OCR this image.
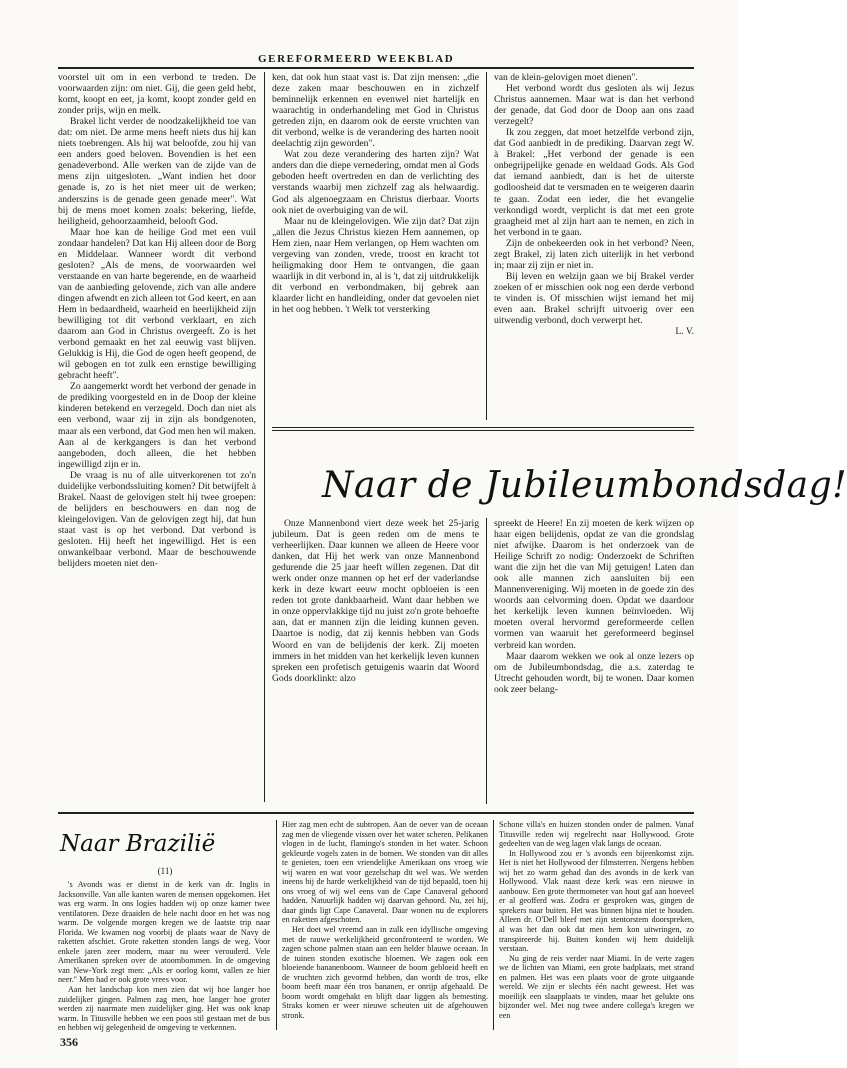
GEREFORMEERD WEEKBLAD

voorstel uit om in een verbond te treden. De voorwaarden zijn: om niet. Gij, die geen geld hebt, komt, koopt en eet, ja komt, koopt zonder geld en zonder prijs, wijn en melk.

Brakel licht verder de noodzakelijkheid toe van dat: om niet. De arme mens heeft niets dus hij kan niets toebrengen. Als hij wat beloofde, zou hij van een anders goed beloven. Bovendien is het een genadeverbond. Alle werken van de zijde van de mens zijn uitgesloten. „Want indien het door genade is, zo is het niet meer uit de werken; anderszins is de genade geen genade meer". Wat bij de mens moet komen zoals: bekering, liefde, heiligheid, gehoorzaamheid, belooft God.

Maar hoe kan de heilige God met een vuil zondaar handelen? Dat kan Hij alleen door de Borg en Middelaar. Wanneer wordt dit verbond gesloten? „Als de mens, de voorwaarden wel verstaande en van harte begerende, en de waarheid van de aanbieding gelovende, zich van alle andere dingen afwendt en zich alleen tot God keert, en aan Hem in bedaardheid, waarheid en heerlijkheid zijn bewilliging tot dit verbond verklaart, en zich daarom aan God in Christus overgeeft. Zo is het verbond gemaakt en het zal eeuwig vast blijven. Gelukkig is Hij, die God de ogen heeft geopend, de wil gebogen en tot zulk een ernstige bewilliging gebracht heeft".

Zo aangemerkt wordt het verbond der genade in de prediking voorgesteld en in de Doop der kleine kinderen betekend en verzegeld. Doch dan niet als een verbond, waar zij in zijn als bondgenoten, maar als een verbond, dat God men hen wil maken. Aan al de kerkgangers is dan het verbond aangeboden, doch alleen, die het hebben ingewilligd zijn er in.

De vraag is nu of alle uitverkorenen tot zo'n duidelijke verbondssluiting komen? Dit betwijfelt à Brakel. Naast de gelovigen stelt hij twee groepen: de belijders en beschouwers en dan nog de kleingelovigen. Van de gelovigen zegt hij, dat hun staat vast is op het verbond. Dat verbond is gesloten. Hij heeft het ingewilligd. Het is een onwankelbaar verbond. Maar de beschouwende belijders moeten niet den-

ken, dat ook hun staat vast is. Dat zijn mensen: „die deze zaken maar beschouwen en in zichzelf beminnelijk erkennen en evenwel niet hartelijk en waarachtig in onderhandeling met God in Christus getreden zijn, en daarom ook de eerste vruchten van dit verbond, welke is de verandering des harten nooit deelachtig zijn geworden".

Wat zou deze verandering des harten zijn? Wat anders dan die diepe vernedering, omdat men al Gods geboden heeft overtreden en dan de verlichting des verstands waarbij men zichzelf zag als helwaardig. God als algenoegzaam en Christus dierbaar. Voorts ook niet de overbuiging van de wil.

Maar nu de kleingelovigen. Wie zijn dat? Dat zijn „allen die Jezus Christus kiezen Hem aannemen, op Hem zien, naar Hem verlangen, op Hem wachten om vergeving van zonden, vrede, troost en kracht tot heiligmaking door Hem te ontvangen, die gaan waarlijk in dit verbond in, al is 't, dat zij uitdrukkelijk dit verbond en verbondmaken, bij gebrek aan klaarder licht en handleiding, onder dat gevoelen niet in het oog hebben. 't Welk tot versterking

van de klein-gelovigen moet dienen".

Het verbond wordt dus gesloten als wij Jezus Christus aannemen. Maar wat is dan het verbond der genade, dat God door de Doop aan ons zaad verzegelt?

Ik zou zeggen, dat moet hetzelfde verbond zijn, dat God aanbiedt in de prediking. Daarvan zegt W. à Brakel: „Het verbond der genade is een onbegrijpelijke genade en weldaad Gods. Als God dat iemand aanbiedt, dan is het de uiterste godloosheid dat te versmaden en te weigeren daarin te gaan. Zodat een ieder, die het evangelie verkondigd wordt, verplicht is dat met een grote graagheid met al zijn hart aan te nemen, en zich in het verbond in te gaan.

Zijn de onbekeerden ook in het verbond? Neen, zegt Brakel, zij laten zich uiterlijk in het verbond in; maar zij zijn er niet in.

Bij leven en welzijn gaan we bij Brakel verder zoeken of er misschien ook nog een derde verbond te vinden is. Of misschien wijst iemand het mij even aan. Brakel schrijft uitvoerig over een uitwendig verbond, doch verwerpt het.

L. V.
Naar de Jubileumbondsdag!

Onze Mannenbond viert deze week het 25-jarig jubileum. Dat is geen reden om de mens te verheerlijken. Daar kunnen we alleen de Heere voor danken, dat Hij het werk van onze Mannenbond gedurende die 25 jaar heeft willen zegenen. Dat dit werk onder onze mannen op het erf der vaderlandse kerk in deze kwart eeuw mocht opbloeien is een reden tot grote dankbaarheid. Want daar hebben we in onze oppervlakkige tijd nu juist zo'n grote behoefte aan, dat er mannen zijn die leiding kunnen geven. Daartoe is nodig, dat zij kennis hebben van Gods Woord en van de belijdenis der kerk. Zij moeten immers in het midden van het kerkelijk leven kunnen spreken een profetisch getuigenis waarin dat Woord Gods doorklinkt: alzo

spreekt de Heere! En zij moeten de kerk wijzen op haar eigen belijdenis, opdat ze van die grondslag niet afwijke. Daarom is het onderzoek van de Heilige Schrift zo nodig: Onderzoekt de Schriften want die zijn het die van Mij getuigen! Laten dan ook alle mannen zich aansluiten bij een Mannenvereniging. Wij moeten in de goede zin des woords aan celvorming doen. Opdat we daardoor het kerkelijk leven kunnen beïnvloeden. Wij moeten overal hervormd gereformeerde cellen vormen van waaruit het gereformeerd beginsel verbreid kan worden.

Maar daarom wekken we ook al onze lezers op om de Jubileumbondsdag, die a.s. zaterdag te Utrecht gehouden wordt, bij te wonen. Daar komen ook zeer belang-

Naar Brazilië
(11)

's Avonds was er dienst in de kerk van dr. Inglis in Jacksonville. Van alle kanten waren de mensen opgekomen. Het was erg warm. In ons logies hadden wij op onze kamer twee ventilatoren. Deze draaiden de hele nacht door en het was nog warm. De volgende morgen kregen we de laatste trip naar Florida. We kwamen nog voorbij de plaats waar de Navy de raketten afschiet. Grote raketten stonden langs de weg. Voor enkele jaren zeer modern, maar nu weer verouderd. Vele Amerikanen spreken over de atoombommen. In de omgeving van New-York zegt men: „Als er oorlog komt, vallen ze hier neer." Men had er ook grote vrees voor.

Aan het landschap kon men zien dat wij hoe langer hoe zuidelijker gingen. Palmen zag men, hoe langer hoe groter werden zij naarmate men zuidelijker ging. Het was ook knap warm. In Titusville hebben we een poos stil gestaan met de bus en hebben wij gelegenheid de omgeving te verkennen.

Hier zag men echt de subtropen. Aan de oever van de oceaan zag men de vliegende vissen over het water scheren. Pelikanen vlogen in de lucht, flamingo's stonden in het water. Schoon gekleurde vogels zaten in de bomen. We stonden van dit alles te genieten, toen een vriendelijke Amerikaan ons vroeg wie wij waren en wat voor gezelschap dit wel was. We werden ineens bij de harde werkelijkheid van de tijd bepaald, toen hij ons vroeg of wij wel eens van de Cape Canaveral gehoord hadden. Natuurlijk hadden wij daarvan gehoord. Nu, zei hij, daar ginds ligt Cape Canaveral. Daar wonen nu de explorers en raketten afgeschoten.

Het doet wel vreemd aan in zulk een idyllische omgeving met de rauwe werkelijkheid geconfronteerd te worden. We zagen schone palmen staan aan een helder blauwe oceaan. In de tuinen stonden exotische bloemen. We zagen ook een bloeiende bananenboom. Wanneer de boom gebloeid heeft en de vruchten zich gevormd hebben, dan wordt de tros, elke boom heeft maar één tros bananen, er onrijp afgehaald. De boom wordt omgehakt en blijft daar liggen als bemesting. Straks komen er weer nieuwe scheuten uit de afgehouwen stronk.

Schone villa's en huizen stonden onder de palmen. Vanaf Titusville reden wij regelrecht naar Hollywood. Grote gedeelten van de weg lagen vlak langs de oceaan.

In Hollywood zou er 's avonds een bijeenkomst zijn. Het is niet het Hollywood der filmsterren. Nergens hebben wij het zo warm gehad dan des avonds in de kerk van Hollywood. Vlak naast deze kerk was een nieuwe in aanbouw. Een grote thermometer van hout gaf aan hoeveel er al geofferd was. Zodra er gesproken was, gingen de sprekers naar buiten. Het was binnen bijna niet te houden. Alleen dr. O'Dell bleef met zijn stentorstem doorspreken, al was het dan ook dat men hem kon uitwringen, zo transpireerde hij. Buiten konden wij hem duidelijk verstaan.

Nu ging de reis verder naar Miami. In de verte zagen we de lichten van Miami, een grote badplaats, met strand en palmen. Het was een plaats voor de grote uitgaande wereld. We zijn er slechts één nacht geweest. Het was moeilijk een slaapplaats te vinden, maar het gelukte ons bijzonder wel. Met nog twee andere collega's kregen we een

356
